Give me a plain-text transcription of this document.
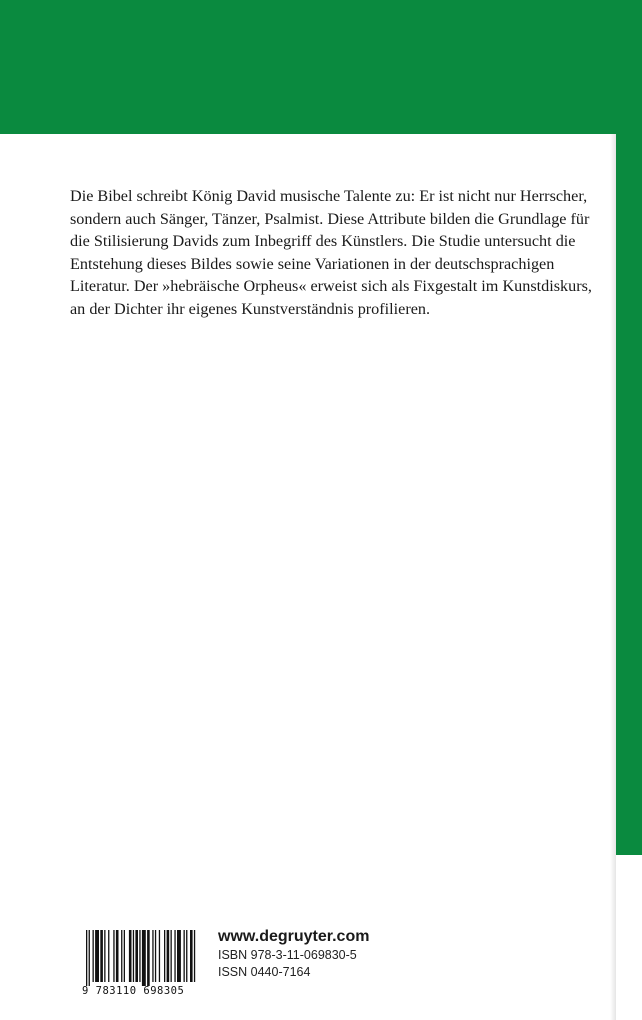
Die Bibel schreibt König David musische Talente zu: Er ist nicht nur Herrscher, sondern auch Sänger, Tänzer, Psalmist. Diese Attribute bilden die Grundlage für die Stilisierung Davids zum Inbegriff des Künstlers. Die Studie untersucht die Entstehung dieses Bildes sowie seine Variationen in der deutschsprachigen Literatur. Der »hebräische Orpheus« erweist sich als Fixgestalt im Kunstdiskurs, an der Dichter ihr eigenes Kunstverständnis profilieren.

9 783110 698305
www.degruyter.com
ISBN 978-3-11-069830-5
ISSN 0440-7164
